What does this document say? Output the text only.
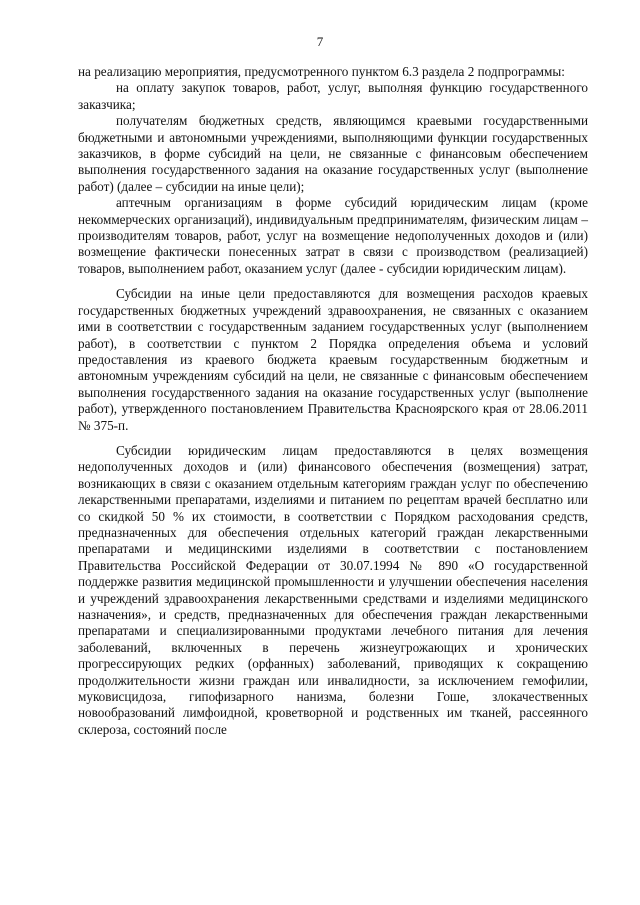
7

на реализацию мероприятия, предусмотренного пунктом 6.3 раздела 2 подпрограммы:

на оплату закупок товаров, работ, услуг, выполняя функцию государственного заказчика;

получателям бюджетных средств, являющимся краевыми государственными бюджетными и автономными учреждениями, выполняющими функции государственных заказчиков, в форме субсидий на цели, не связанные с финансовым обеспечением выполнения государственного задания на оказание государственных услуг (выполнение работ) (далее – субсидии на иные цели);

аптечным организациям в форме субсидий юридическим лицам (кроме некоммерческих организаций), индивидуальным предпринимателям, физическим лицам – производителям товаров, работ, услуг на возмещение недополученных доходов и (или) возмещение фактически понесенных затрат в связи с производством (реализацией) товаров, выполнением работ, оказанием услуг (далее - субсидии юридическим лицам).

Субсидии на иные цели предоставляются для возмещения расходов краевых государственных бюджетных учреждений здравоохранения, не связанных с оказанием ими в соответствии с государственным заданием государственных услуг (выполнением работ), в соответствии с пунктом 2 Порядка определения объема и условий предоставления из краевого бюджета краевым государственным бюджетным и автономным учреждениям субсидий на цели, не связанные с финансовым обеспечением выполнения государственного задания на оказание государственных услуг (выполнение работ), утвержденного постановлением Правительства Красноярского края от 28.06.2011 № 375-п.

Субсидии юридическим лицам предоставляются в целях возмещения недополученных доходов и (или) финансового обеспечения (возмещения) затрат, возникающих в связи с оказанием отдельным категориям граждан услуг по обеспечению лекарственными препаратами, изделиями и питанием по рецептам врачей бесплатно или со скидкой 50 % их стоимости, в соответствии с Порядком расходования средств, предназначенных для обеспечения отдельных категорий граждан лекарственными препаратами и медицинскими изделиями в соответствии с постановлением Правительства Российской Федерации от 30.07.1994 № 890 «О государственной поддержке развития медицинской промышленности и улучшении обеспечения населения и учреждений здравоохранения лекарственными средствами и изделиями медицинского назначения», и средств, предназначенных для обеспечения граждан лекарственными препаратами и специализированными продуктами лечебного питания для лечения заболеваний, включенных в перечень жизнеугрожающих и хронических прогрессирующих редких (орфанных) заболеваний, приводящих к сокращению продолжительности жизни граждан или инвалидности, за исключением гемофилии, муковисцидоза, гипофизарного нанизма, болезни Гоше, злокачественных новообразований лимфоидной, кроветворной и родственных им тканей, рассеянного склероза, состояний после
